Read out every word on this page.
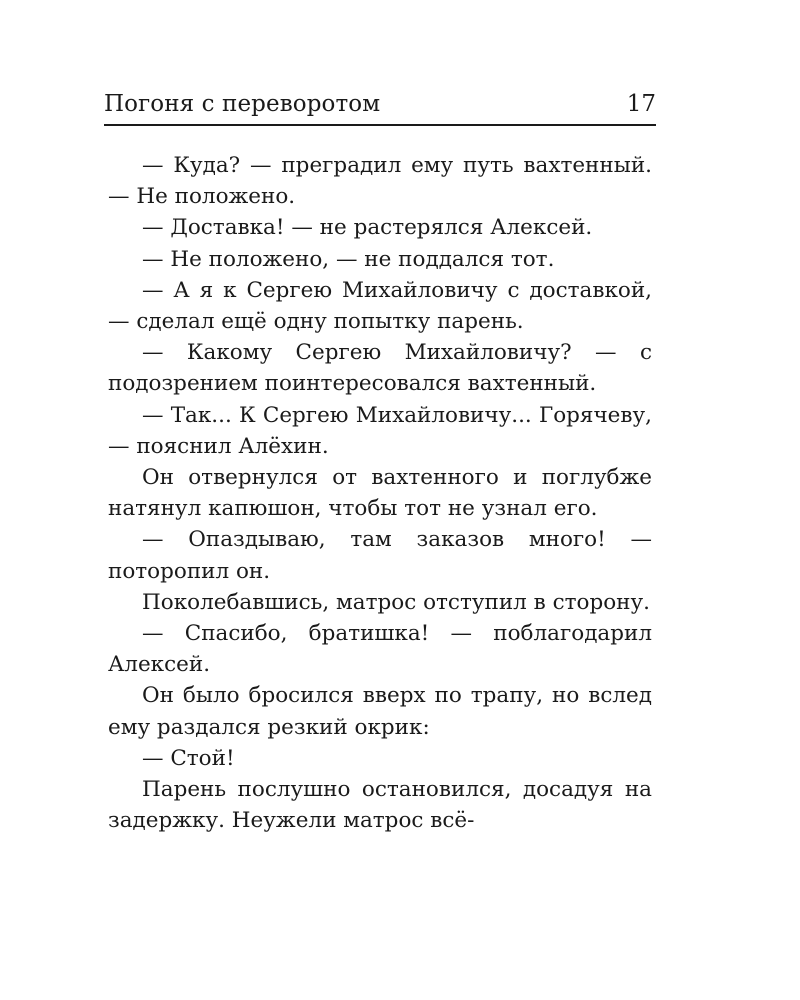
Погоня с переворотом	17

— Куда? — преградил ему путь вахтенный. — Не положено.

— Доставка! — не растерялся Алексей.

— Не положено, — не поддался тот.

— А я к Сергею Михайловичу с доставкой, — сделал ещё одну попытку парень.

— Какому Сергею Михайловичу? — с подозрением поинтересовался вахтенный.

— Так... К Сергею Михайловичу... Горячеву, — пояснил Алёхин.

Он отвернулся от вахтенного и поглубже натянул капюшон, чтобы тот не узнал его.

— Опаздываю, там заказов много! — поторопил он.

Поколебавшись, матрос отступил в сторону.

— Спасибо, братишка! — поблагодарил Алексей.

Он было бросился вверх по трапу, но вслед ему раздался резкий окрик:

— Стой!

Парень послушно остановился, досадуя на задержку. Неужели матрос всё-
